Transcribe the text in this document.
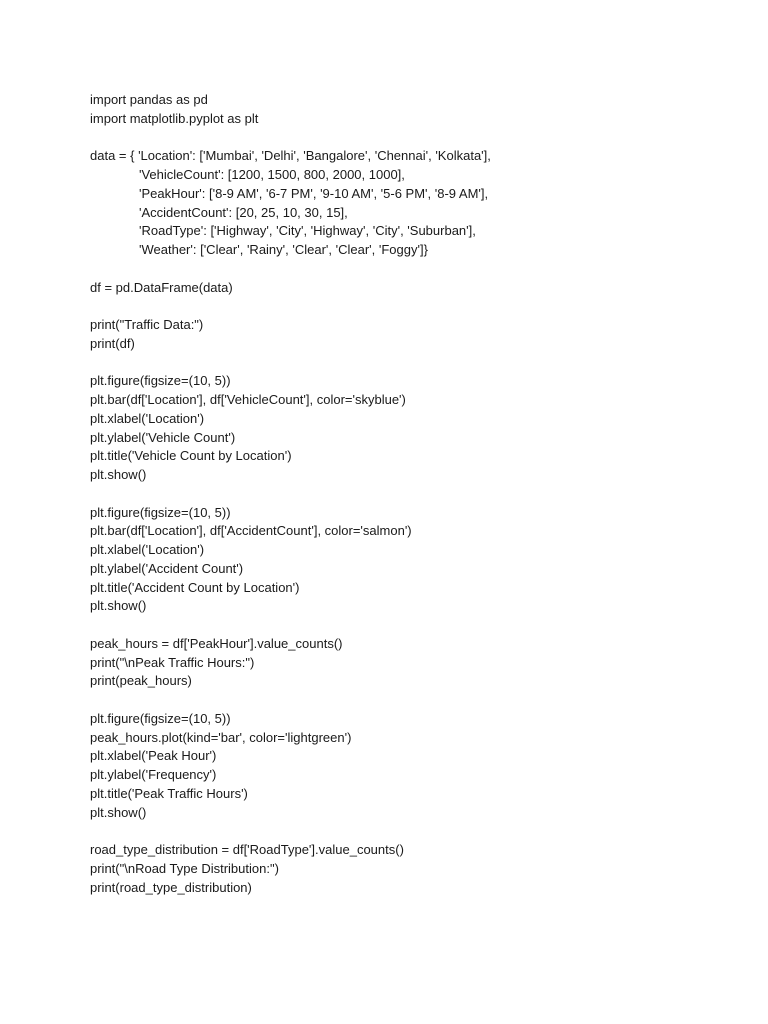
import pandas as pd

import matplotlib.pyplot as plt

data = { 'Location': ['Mumbai', 'Delhi', 'Bangalore', 'Chennai', 'Kolkata'],

'VehicleCount': [1200, 1500, 800, 2000, 1000],

'PeakHour': ['8-9 AM', '6-7 PM', '9-10 AM', '5-6 PM', '8-9 AM'],

'AccidentCount': [20, 25, 10, 30, 15],

'RoadType': ['Highway', 'City', 'Highway', 'City', 'Suburban'],

'Weather': ['Clear', 'Rainy', 'Clear', 'Clear', 'Foggy']}

df = pd.DataFrame(data)

print("Traffic Data:")

print(df)

plt.figure(figsize=(10, 5))

plt.bar(df['Location'], df['VehicleCount'], color='skyblue')

plt.xlabel('Location')

plt.ylabel('Vehicle Count')

plt.title('Vehicle Count by Location')

plt.show()

plt.figure(figsize=(10, 5))

plt.bar(df['Location'], df['AccidentCount'], color='salmon')

plt.xlabel('Location')

plt.ylabel('Accident Count')

plt.title('Accident Count by Location')

plt.show()

peak_hours = df['PeakHour'].value_counts()

print("\nPeak Traffic Hours:")

print(peak_hours)

plt.figure(figsize=(10, 5))

peak_hours.plot(kind='bar', color='lightgreen')

plt.xlabel('Peak Hour')

plt.ylabel('Frequency')

plt.title('Peak Traffic Hours')

plt.show()

road_type_distribution = df['RoadType'].value_counts()

print("\nRoad Type Distribution:")

print(road_type_distribution)
